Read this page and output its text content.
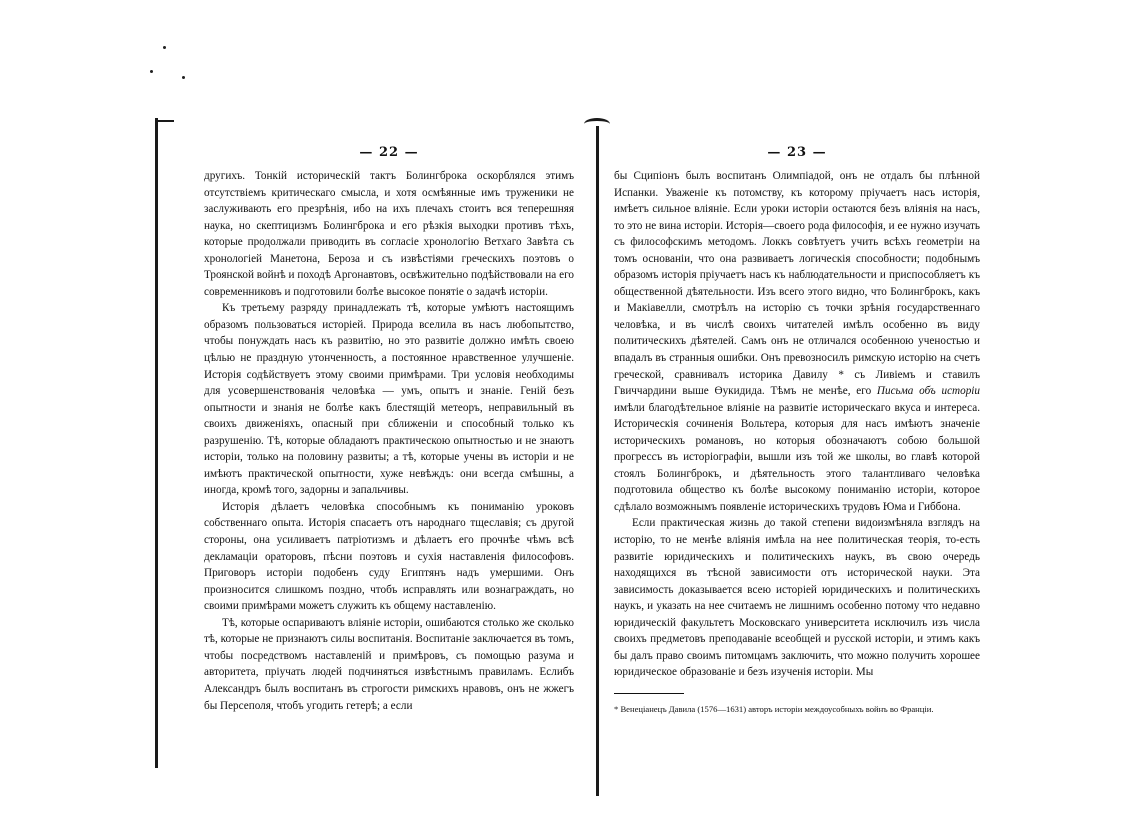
— 22 —

другихъ. Тонкій историческій тактъ Болингброка оскорблялся этимъ отсутствіемъ критическаго смысла, и хотя осмѣянные имъ труженики не заслуживають его презрѣнія, ибо на ихъ плечахъ стоитъ вся теперешняя наука, но скептицизмъ Болингброка и его рѣзкія выходки противъ тѣхъ, которые продолжали приводить въ согласіе хронологію Ветхаго Завѣта съ хронологіей Манетона, Бероза и съ извѣстіями греческихъ поэтовъ о Троянской войнѣ и походѣ Аргонавтовъ, освѣжительно подѣйствовали на его современниковъ и подготовили болѣе высокое понятіе о задачѣ исторіи.

Къ третьему разряду принадлежать тѣ, которые умѣютъ настоящимъ образомъ пользоваться исторіей. Природа вселила въ насъ любопытство, чтобы понуждать насъ къ развитію, но это развитіе должно имѣть своею цѣлью не праздную утонченность, а постоянное нравственное улучшеніе. Исторія содѣйствуетъ этому своими примѣрами. Три условія необходимы для усовершенствованія человѣка — умъ, опытъ и знаніе. Геній безъ опытности и знанія не болѣе какъ блестящій метеоръ, неправильный въ своихъ движеніяхъ, опасный при сближеніи и способный только къ разрушенію. Тѣ, которые обладаютъ практическою опытностью и не знаютъ исторіи, только на половину развиты; а тѣ, которые учены въ исторіи и не имѣютъ практической опытности, хуже невѣждъ: они всегда смѣшны, а иногда, кромѣ того, задорны и запальчивы.

Исторія дѣлаетъ человѣка способнымъ къ пониманію уроковъ собственнаго опыта. Исторія спасаетъ отъ народнаго тщеславія; съ другой стороны, она усиливаетъ патріотизмъ и дѣлаетъ его прочнѣе чѣмъ всѣ декламаціи ораторовъ, пѣсни поэтовъ и сухія наставленія философовъ. Приговоръ исторіи подобенъ суду Египтянъ надъ умершими. Онъ произносится слишкомъ поздно, чтобъ исправлять или вознаграждать, но своими примѣрами можетъ служить къ общему наставленію.

Тѣ, которые оспариваютъ вліяніе исторіи, ошибаются столько же сколько тѣ, которые не признаютъ силы воспитанія. Воспитаніе заключается въ томъ, чтобы посредствомъ наставленій и примѣровъ, съ помощью разума и авторитета, пріучать людей подчиняться извѣстнымъ правиламъ. Еслибъ Александръ былъ воспитанъ въ строгости римскихъ нравовъ, онъ не жжегъ бы Персеполя, чтобъ угодить гетерѣ; а если

— 23 —

бы Сципіонъ былъ воспитанъ Олимпіадой, онъ не отдалъ бы плѣнной Испанки. Уваженіе къ потомству, къ которому пріучаетъ насъ исторія, имѣетъ сильное вліяніе. Если уроки исторіи остаются безъ вліянія на насъ, то это не вина исторіи. Исторія—своего рода философія, и ее нужно изучать съ философскимъ методомъ. Локкъ совѣтуетъ учить всѣхъ геометріи на томъ основаніи, что она развиваетъ логическія способности; подобнымъ образомъ исторія пріучаетъ насъ къ наблюдательности и приспособляетъ къ общественной дѣятельности. Изъ всего этого видно, что Болингброкъ, какъ и Макіавелли, смотрѣлъ на исторію съ точки зрѣнія государственнаго человѣка, и въ числѣ своихъ читателей имѣлъ особенно въ виду политическихъ дѣятелей. Самъ онъ не отличался особенною ученостью и впадалъ въ странныя ошибки. Онъ превозносилъ римскую исторію на счетъ греческой, сравнивалъ историка Давилу * съ Ливіемъ и ставилъ Гвиччардини выше Өукидида. Тѣмъ не менѣе, его Письма объ исторіи имѣли благодѣтельное вліяніе на развитіе историческаго вкуса и интереса. Историческія сочиненія Вольтера, которыя для насъ имѣютъ значеніе историческихъ романовъ, но которыя обозначаютъ собою большой прогрессъ въ исторіографіи, вышли изъ той же школы, во главѣ которой стоялъ Болингброкъ, и дѣятельность этого талантливаго человѣка подготовила общество къ болѣе высокому пониманію исторіи, которое сдѣлало возможнымъ появленіе историческихъ трудовъ Юма и Гиббона.

Если практическая жизнь до такой степени видоизмѣняла взглядъ на исторію, то не менѣе вліянія имѣла на нее политическая теорія, то-есть развитіе юридическихъ и политическихъ наукъ, въ свою очередь находящихся въ тѣсной зависимости отъ исторической науки. Эта зависимость доказывается всею исторіей юридическихъ и политическихъ наукъ, и указать на нее считаемъ не лишнимъ особенно потому что недавно юридическій факультетъ Московскаго университета исключилъ изъ числа своихъ предметовъ преподаваніе всеобщей и русской исторіи, и этимъ какъ бы далъ право своимъ питомцамъ заключить, что можно получить хорошее юридическое образованіе и безъ изученія исторіи. Мы

* Венеціанецъ Давила (1576—1631) авторъ исторіи междоусобныхъ войнъ во Франціи.
